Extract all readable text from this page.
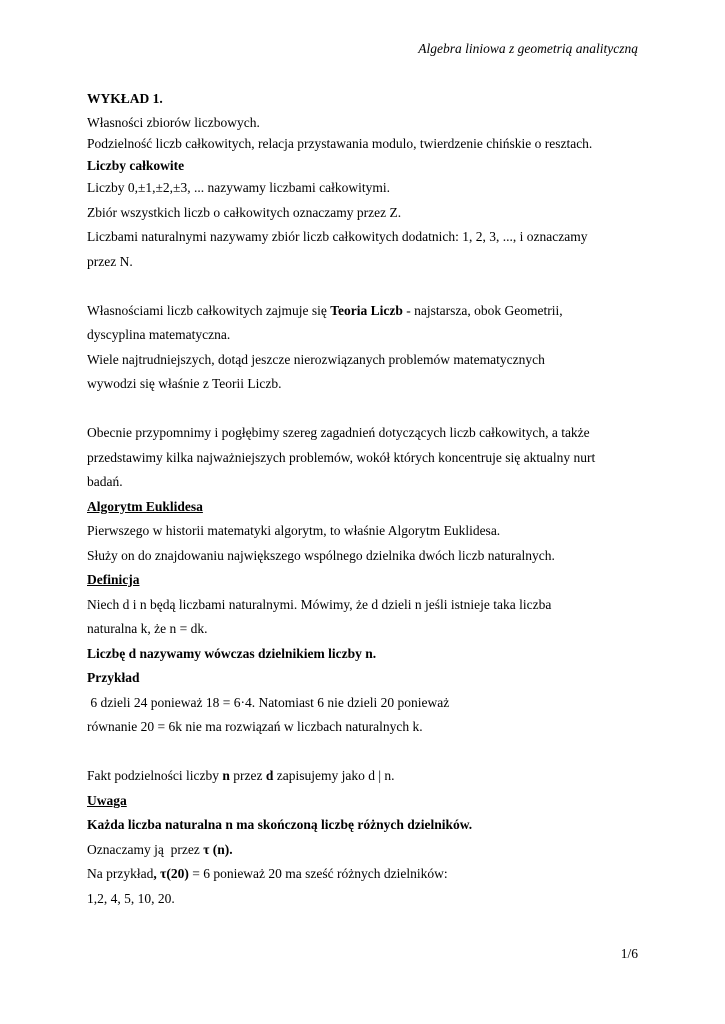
Algebra liniowa z geometrią analityczną
WYKŁAD 1.
Własności zbiorów liczbowych.
Podzielność liczb całkowitych, relacja przystawania modulo, twierdzenie chińskie o resztach.
Liczby całkowite
Liczby 0,±1,±2,±3, ... nazywamy liczbami całkowitymi.
Zbiór wszystkich liczb o całkowitych oznaczamy przez Z.
Liczbami naturalnymi nazywamy zbiór liczb całkowitych dodatnich: 1, 2, 3, ..., i oznaczamy
przez N.
Własnościami liczb całkowitych zajmuje się Teoria Liczb - najstarsza, obok Geometrii,
dyscyplina matematyczna.
Wiele najtrudniejszych, dotąd jeszcze nierozwiązanych problemów matematycznych
wywodzi się właśnie z Teorii Liczb.
Obecnie przypomnimy i pogłębimy szereg zagadnień dotyczących liczb całkowitych, a także
przedstawimy kilka najważniejszych problemów, wokół których koncentruje się aktualny nurt
badań.
Algorytm Euklidesa
Pierwszego w historii matematyki algorytm, to właśnie Algorytm Euklidesa.
Służy on do znajdowaniu największego wspólnego dzielnika dwóch liczb naturalnych.
Definicja
Niech d i n będą liczbami naturalnymi. Mówimy, że d dzieli n jeśli istnieje taka liczba
naturalna k, że n = dk.
Liczbę d nazywamy wówczas dzielnikiem liczby n.
Przykład
6 dzieli 24 ponieważ 18 = 6·4. Natomiast 6 nie dzieli 20 ponieważ
równanie 20 = 6k nie ma rozwiązań w liczbach naturalnych k.
Fakt podzielności liczby n przez d zapisujemy jako d | n.
Uwaga
Każda liczba naturalna n ma skończoną liczbę różnych dzielników.
Oznaczamy ją  przez τ (n).
Na przykład, τ(20) = 6 ponieważ 20 ma sześć różnych dzielników:
1,2, 4, 5, 10, 20.
1/6
